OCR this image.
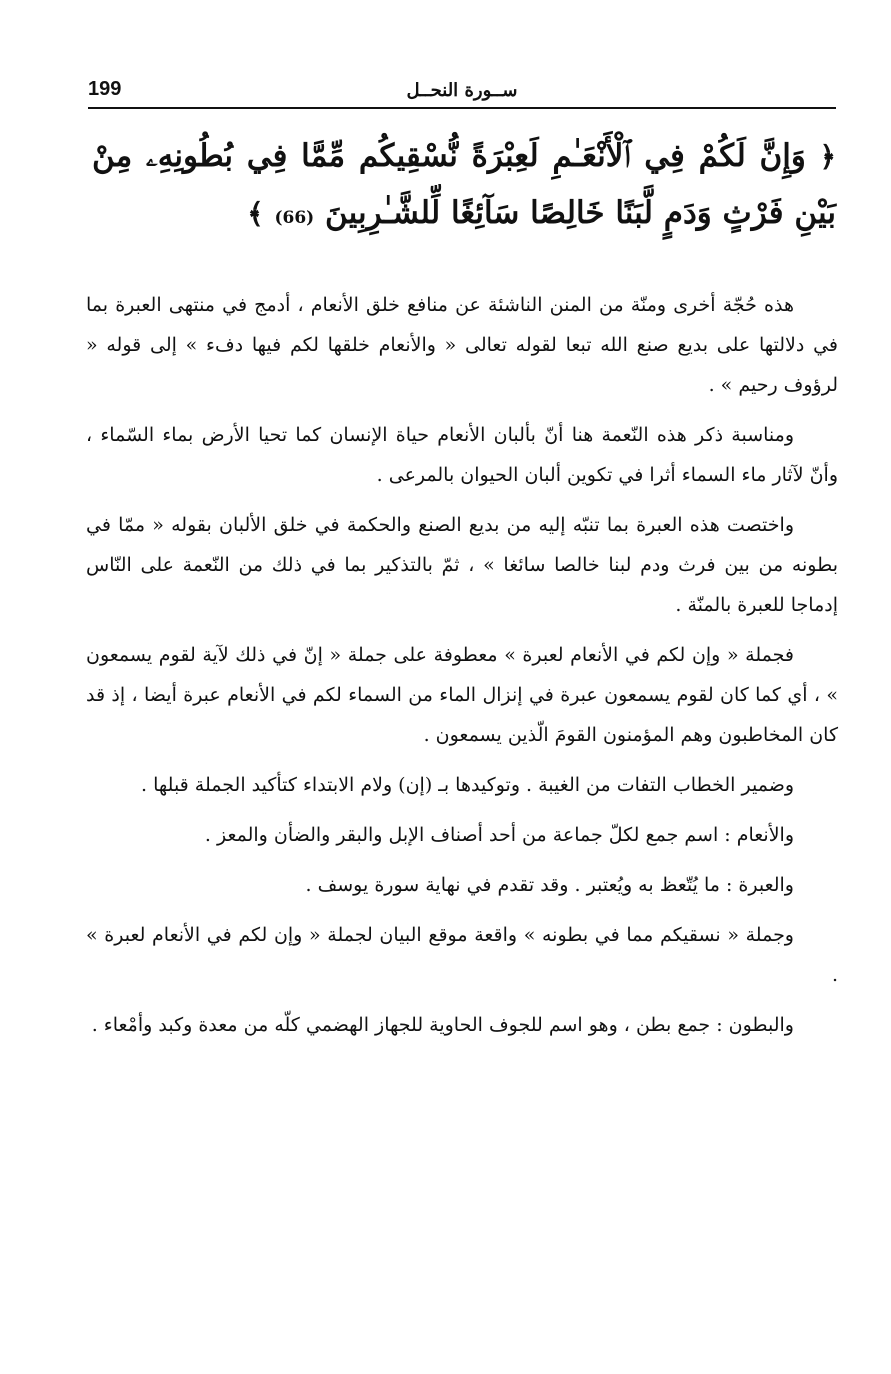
199	ســورة النحــل
﴿ وَإِنَّ لَكُمْ فِي ٱلْأَنْعَـٰمِ لَعِبْرَةً نُّسْقِيكُم مِّمَّا فِي بُطُونِهِۦ مِنْ بَيْنِ فَرْثٍ وَدَمٍ لَّبَنًا خَالِصًا سَآئِغًا لِّلشَّـٰرِبِينَ (66) ﴾

هذه حُجّة أخرى ومنّة من المنن الناشئة عن منافع خلق الأنعام ، أدمج في منتهى العبرة بما في دلالتها على بديع صنع الله تبعا لقوله تعالى « والأنعام خلقها لكم فيها دفء » إلى قوله « لرؤوف رحيم » .

ومناسبة ذكر هذه النّعمة هنا أنّ بألبان الأنعام حياة الإنسان كما تحيا الأرض بماء السّماء ، وأنّ لآثار ماء السماء أثرا في تكوين ألبان الحيوان بالمرعى .

واختصت هذه العبرة بما تنبّه إليه من بديع الصنع والحكمة في خلق الألبان بقوله « ممّا في بطونه من بين فرث ودم لبنا خالصا سائغا » ، ثمّ بالتذكير بما في ذلك من النّعمة على النّاس إدماجا للعبرة بالمنّة .

فجملة « وإن لكم في الأنعام لعبرة » معطوفة على جملة « إنّ في ذلك لآية لقوم يسمعون » ، أي كما كان لقوم يسمعون عبرة في إنزال الماء من السماء لكم في الأنعام عبرة أيضا ، إذ قد كان المخاطبون وهم المؤمنون القومَ الّذين يسمعون .

وضمير الخطاب التفات من الغيبة . وتوكيدها بـ (إن) ولام الابتداء كتأكيد الجملة قبلها .

والأنعام : اسم جمع لكلّ جماعة من أحد أصناف الإبل والبقر والضأن والمعز .

والعبرة : ما يُتّعظ به ويُعتبر . وقد تقدم في نهاية سورة يوسف .

وجملة « نسقيكم مما في بطونه » واقعة موقع البيان لجملة « وإن لكم في الأنعام لعبرة » .

والبطون : جمع بطن ، وهو اسم للجوف الحاوية للجهاز الهضمي كلّه من معدة وكبد وأمْعاء .
